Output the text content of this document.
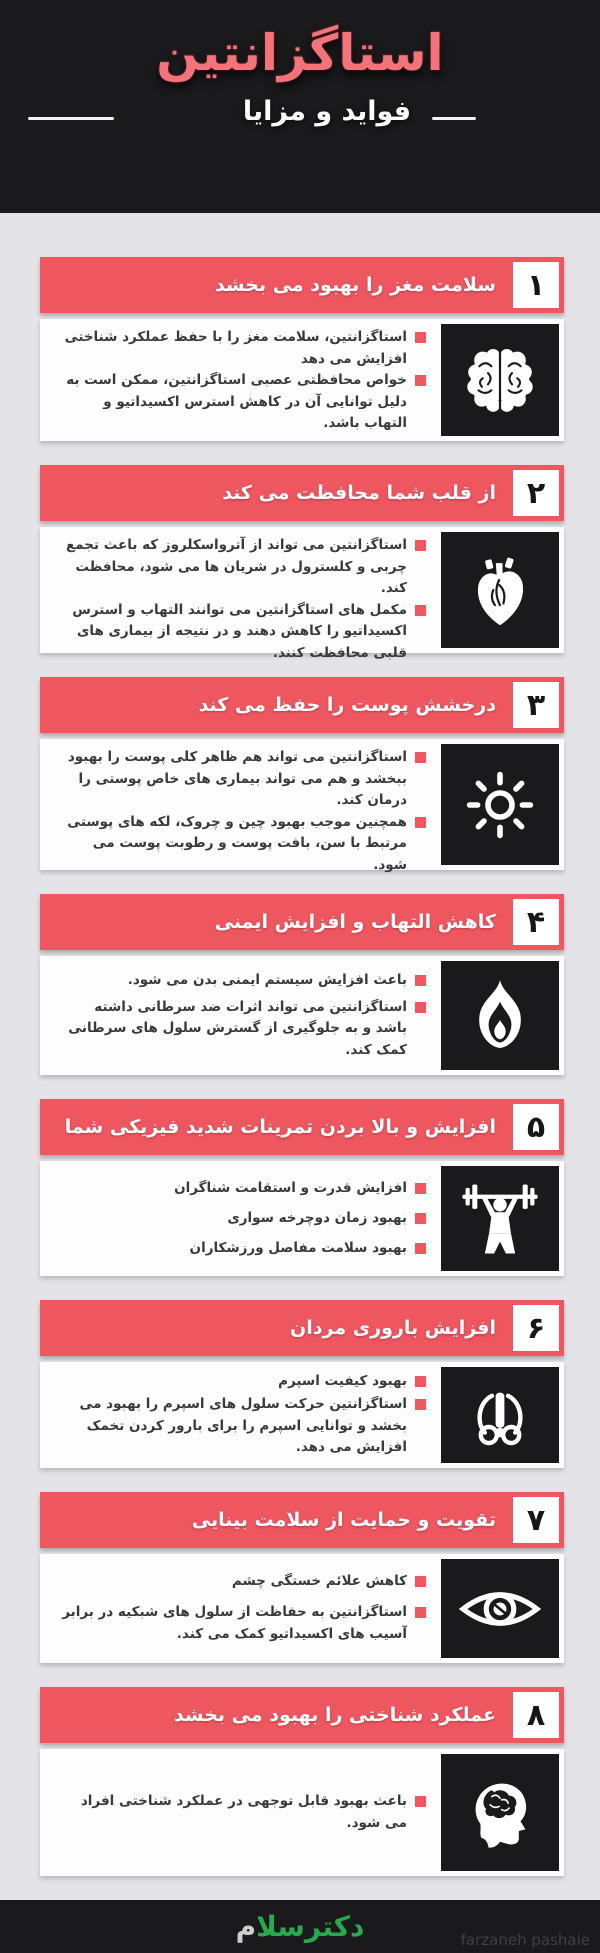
استاگزانتین
فواید و مزایا
۱
سلامت مغز را بهبود می بخشد
استاگزانتین، سلامت مغز را با حفظ عملکرد شناختی افزایش می دهد
خواص محافظتی عصبی استاگزانتین، ممکن است به دلیل توانایی آن در کاهش استرس اکسیداتیو و التهاب باشد.
۲
از قلب شما محافظت می کند
استاگزانتین می تواند از آترواسکلروز که باعث تجمع چربی و کلسترول در شریان ها می شود، محافظت کند.
مکمل های استاگزانتین می توانند التهاب و استرس اکسیداتیو را کاهش دهند و در نتیجه از بیماری های قلبی محافظت کنند.
۳
درخشش پوست را حفظ می کند
استاگزانتین می تواند هم ظاهر کلی پوست را بهبود ببخشد و هم می تواند بیماری های خاص پوستی را درمان کند.
همچنین موجب بهبود چین و چروک، لکه های پوستی مرتبط با سن، بافت پوست و رطوبت پوست می شود.
۴
کاهش التهاب و افزایش ایمنی
باعث افزایش سیستم ایمنی بدن می شود.
استاگزانتین می تواند اثرات ضد سرطانی داشته باشد و به جلوگیری از گسترش سلول های سرطانی کمک کند.
۵
افزایش و بالا بردن تمرینات شدید فیزیکی شما
افزایش قدرت و استقامت شناگران
بهبود زمان دوچرخه سواری
بهبود سلامت مفاصل ورزشکاران
۶
افزایش باروری مردان
بهبود کیفیت اسپرم
استاگزانتین حرکت سلول های اسپرم را بهبود می بخشد و توانایی اسپرم را برای بارور کردن تخمک افزایش می دهد.
۷
تقویت و حمایت از سلامت بینایی
کاهش علائم خستگی چشم
استاگزانتین به حفاظت از سلول های شبکیه در برابر آسیب های اکسیداتیو کمک می کند.
۸
عملکرد شناختی را بهبود می بخشد
باعث بهبود قابل توجهی در عملکرد شناختی افراد می شود.
دکترسلام	farzaneh pashaie
